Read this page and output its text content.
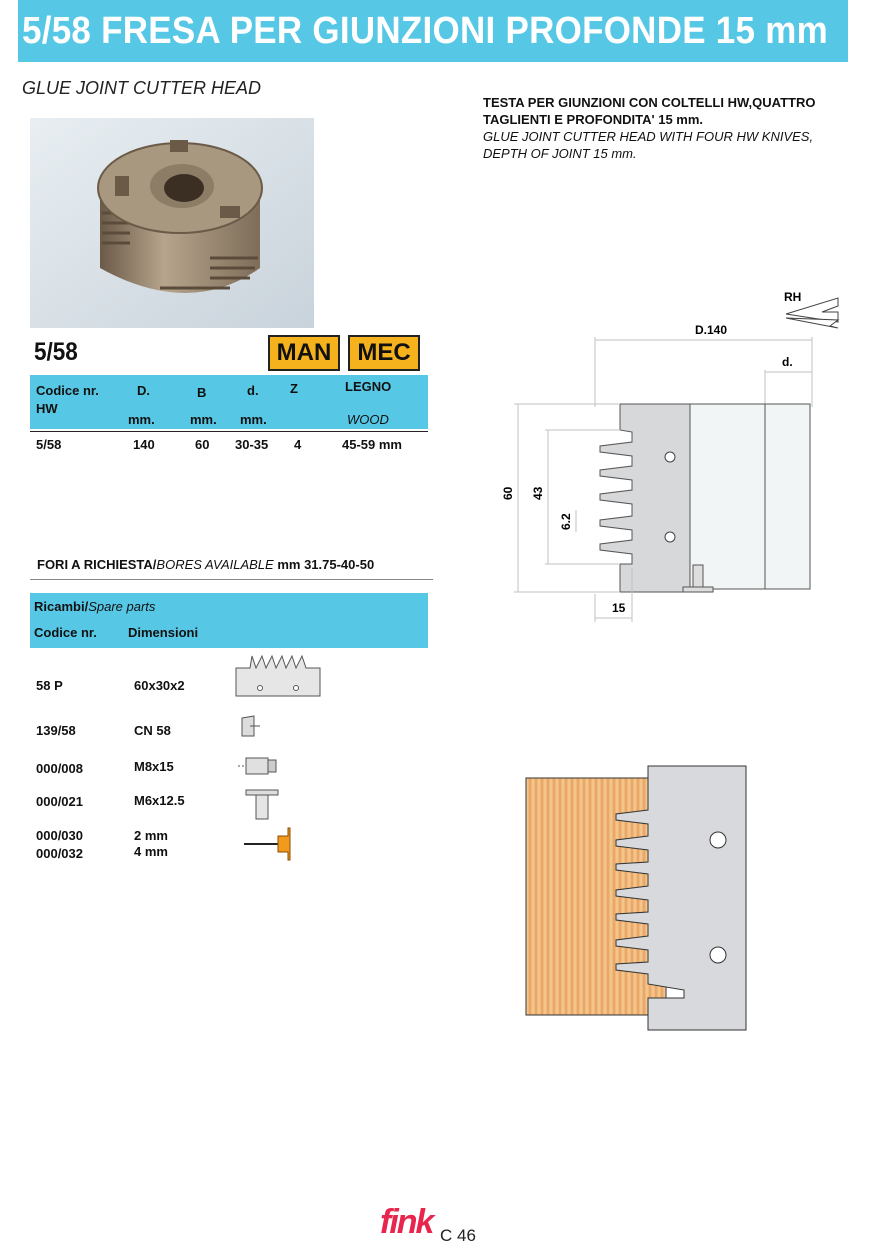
5/58 FRESA PER GIUNZIONI PROFONDE 15 mm
GLUE JOINT CUTTER HEAD
TESTA PER GIUNZIONI CON COLTELLI HW,QUATTRO TAGLIENTI E PROFONDITA' 15 mm.
GLUE JOINT CUTTER HEAD WITH FOUR HW KNIVES, DEPTH OF JOINT 15 mm.
5/58	MAN	MEC
Codice nr.
HW
D.	B	d. Z	LEGNO
mm.	mm. mm.	WOOD
5/58	140	60 30-35 4	45-59 mm
FORI A RICHIESTA/BORES AVAILABLE mm 31.75-40-50
Ricambi/Spare parts
Codice nr. Dimensioni
58 P	60x30x2
139/58	CN 58
000/008	M8x15
000/021	M6x12.5
000/030	2 mm
000/032	4 mm
RH
D.140
d.
60 43
6.2
15
fink C 46
